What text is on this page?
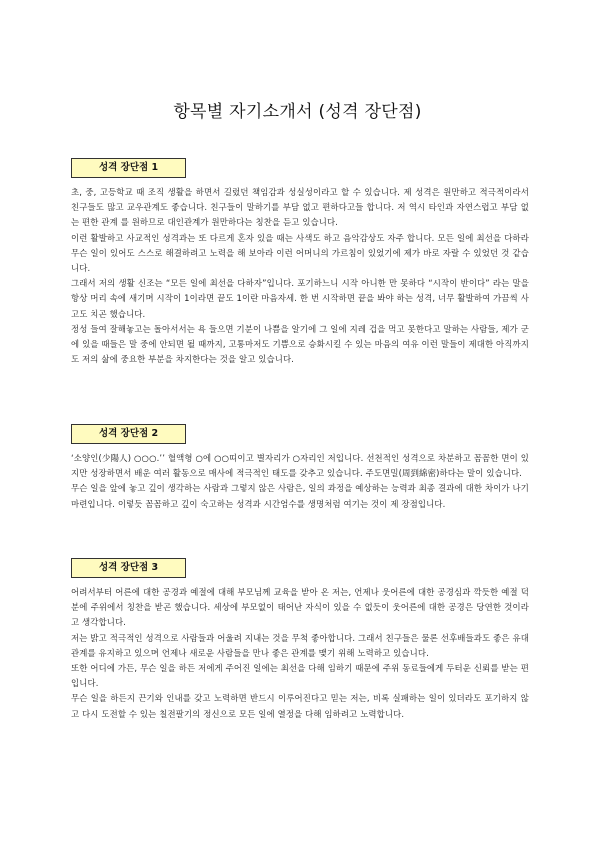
항목별 자기소개서 (성격 장단점)
성격 장단점 1

초, 중, 고등학교 때 조직 생활을 하면서 길렀던 책임감과 성실성이라고 할 수 있습니다. 제 성격은 원만하고 적극적이라서 친구들도 많고 교우관계도 좋습니다. 친구들이 말하기를 부담 없고 편하다고들 합니다. 저 역시 타인과 자연스럽고 부담 없는 편한 관계 를 원하므로 대인관계가 원만하다는 칭찬을 듣고 있습니다.

이런 활발하고 사교적인 성격과는 또 다르게 혼자 있을 때는 사색도 하고 음악감상도 자주 합니다. 모든 일에 최선을 다하라 무슨 일이 있어도 스스로 해결하려고 노력을 해 보아라 이런 어머니의 가르침이 있었기에 제가 바로 자랄 수 있었던 것 같습니다.

그래서 저의 생활 신조는 “모든 일에 최선을 다하자”입니다. 포기하느니 시작 아니한 만 못하다 “시작이 반이다” 라는 말을 항상 머리 속에 새기며 시작이 1이라면 끝도 1이란 마음자세. 한 번 시작하면 끝을 봐야 하는 성격, 너무 활발하여 가끔씩 사고도 치곤 했습니다.

정성 들여 잘해놓고는 돌아서서는 욕 들으면 기분이 나쁨을 알기에 그 일에 지레 겁을 먹고 못한다고 말하는 사람들, 제가 군에 있을 때들은 말 중에 안되면 될 때까지, 고통마저도 기쁨으로 승화시킬 수 있는 마음의 여유 이런 말들이 제대한 아직까지도 저의 삶에 중요한 부분을 차지한다는 것을 알고 있습니다.

성격 장단점 2

‘소양인(少陽人) ○○○.’’ 혈액형 ○에 ○○띠이고 별자리가 ○자리인 저입니다. 선천적인 성격으로 차분하고 꼼꼼한 면이 있지만 성장하면서 배운 여러 활동으로 매사에 적극적인 태도를 갖추고 있습니다. 주도면밀(周到綿密)하다는 말이 있습니다.

무슨 일을 앞에 놓고 깊이 생각하는 사람과 그렇지 않은 사람은, 일의 과정을 예상하는 능력과 최종 결과에 대한 차이가 나기 마련입니다. 이렇듯 꼼꼼하고 깊이 숙고하는 성격과 시간엄수를 생명처럼 여기는 것이 제 장점입니다.

성격 장단점 3

어려서부터 어른에 대한 공경과 예절에 대해 부모님께 교육을 받아 온 저는, 언제나 웃어른에 대한 공경심과 깍듯한 예절 덕분에 주위에서 칭찬을 받곤 했습니다. 세상에 부모없이 태어난 자식이 있을 수 없듯이 웃어른에 대한 공경은 당연한 것이라고 생각합니다.

저는 밝고 적극적인 성격으로 사람들과 어울려 지내는 것을 무척 좋아합니다. 그래서 친구들은 물론 선후배들과도 좋은 유대관계를 유지하고 있으며 언제나 새로운 사람들을 만나 좋은 관계를 맺기 위해 노력하고 있습니다.

또한 어디에 가든, 무슨 일을 하든 저에게 주어진 일에는 최선을 다해 임하기 때문에 주위 동료들에게 두터운 신뢰를 받는 편입니다.

무슨 일을 하든지 끈기와 인내를 갖고 노력하면 반드시 이루어진다고 믿는 저는, 비록 실패하는 일이 있더라도 포기하지 않고 다시 도전할 수 있는 칠전팔기의 정신으로 모든 일에 열정을 다해 임하려고 노력합니다.
